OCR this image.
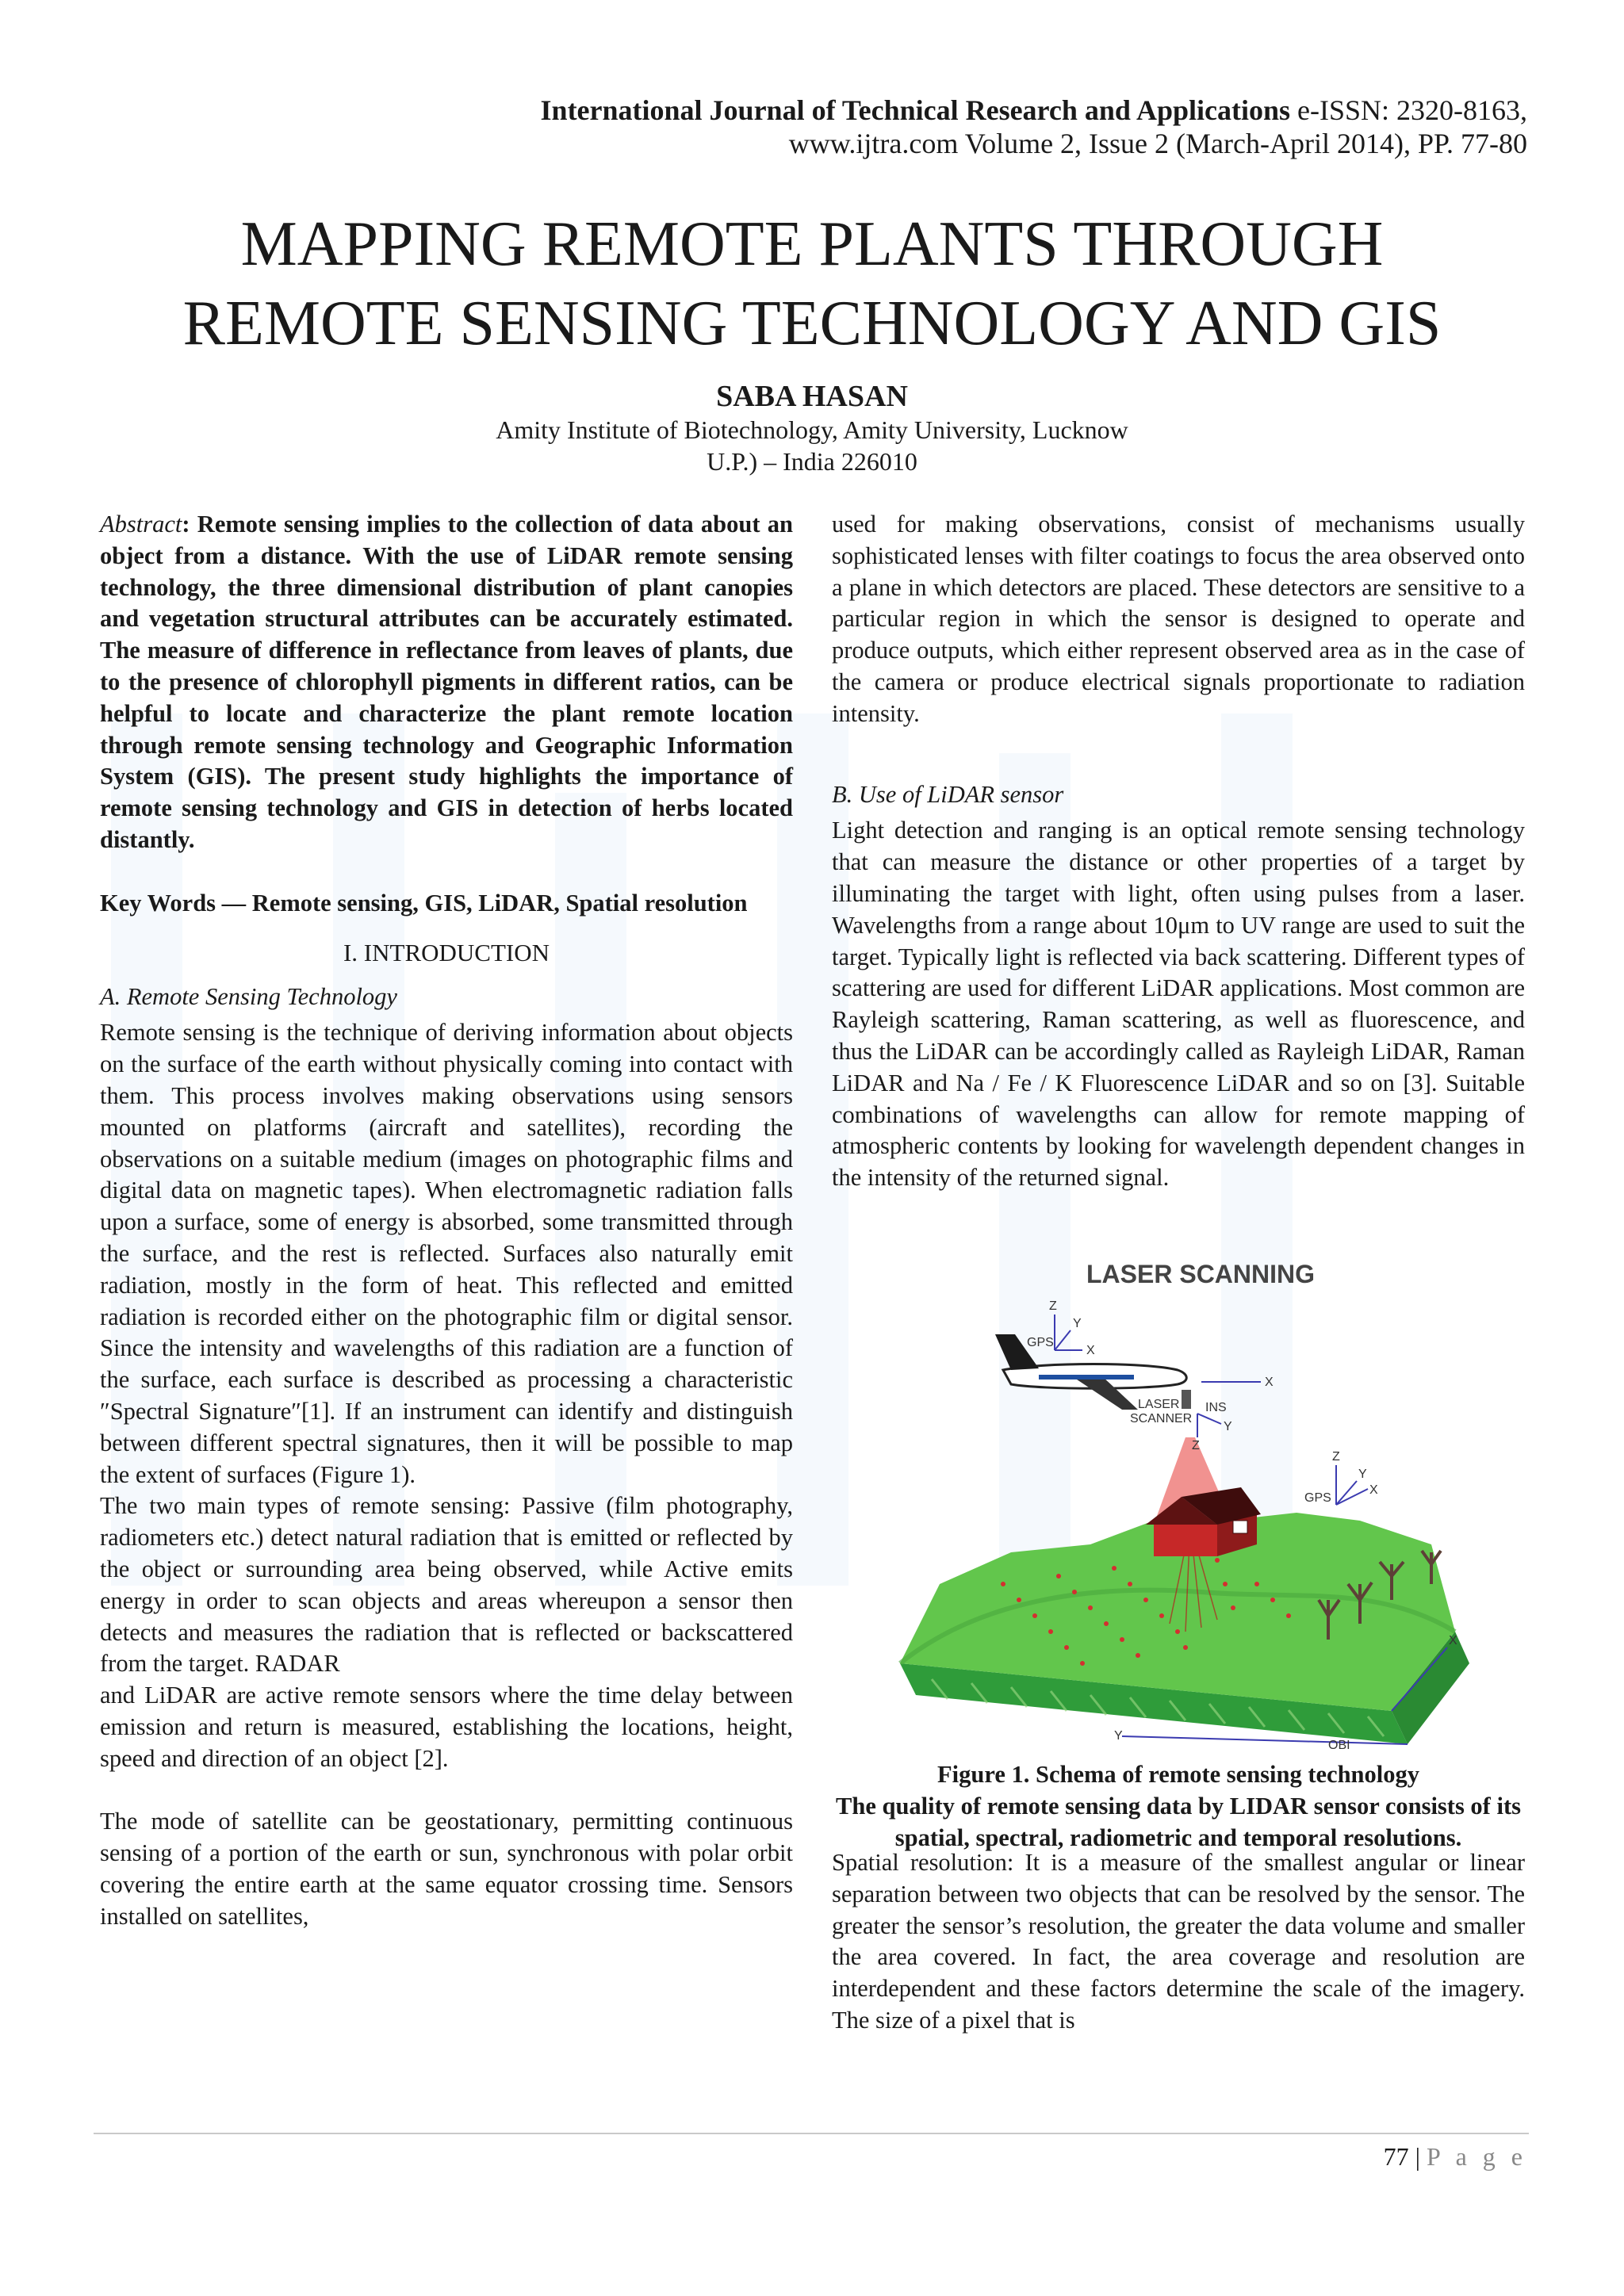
International Journal of Technical Research and Applications e-ISSN: 2320-8163,
www.ijtra.com Volume 2, Issue 2 (March-April 2014), PP. 77-80
MAPPING REMOTE PLANTS THROUGH
REMOTE SENSING TECHNOLOGY AND GIS
SABA HASAN
Amity Institute of Biotechnology, Amity University, Lucknow
U.P.) – India 226010

Abstract: Remote sensing implies to the collection of data about an object from a distance. With the use of LiDAR remote sensing technology, the three dimensional distribution of plant canopies and vegetation structural attributes can be accurately estimated. The measure of difference in reflectance from leaves of plants, due to the presence of chlorophyll pigments in different ratios, can be helpful to locate and characterize the plant remote location through remote sensing technology and Geographic Information System (GIS). The present study highlights the importance of remote sensing technology and GIS in detection of herbs located distantly.

Key Words — Remote sensing, GIS, LiDAR, Spatial resolution

I. INTRODUCTION

A. Remote Sensing Technology

Remote sensing is the technique of deriving information about objects on the surface of the earth without physically coming into contact with them. This process involves making observations using sensors mounted on platforms (aircraft and satellites), recording the observations on a suitable medium (images on photographic films and digital data on magnetic tapes). When electromagnetic radiation falls upon a surface, some of energy is absorbed, some transmitted through the surface, and the rest is reflected. Surfaces also naturally emit radiation, mostly in the form of heat. This reflected and emitted radiation is recorded either on the photographic film or digital sensor. Since the intensity and wavelengths of this radiation are a function of the surface, each surface is described as processing a characteristic ″Spectral Signature″[1]. If an instrument can identify and distinguish between different spectral signatures, then it will be possible to map the extent of surfaces (Figure 1).

The two main types of remote sensing: Passive (film photography, radiometers etc.) detect natural radiation that is emitted or reflected by the object or surrounding area being observed, while Active emits energy in order to scan objects and areas whereupon a sensor then detects and measures the radiation that is reflected or backscattered from the target. RADAR

and LiDAR are active remote sensors where the time delay between emission and return is measured, establishing the locations, height, speed and direction of an object [2].

The mode of satellite can be geostationary, permitting continuous sensing of a portion of the earth or sun, synchronous with polar orbit covering the entire earth at the same equator crossing time. Sensors installed on satellites,

used for making observations, consist of mechanisms usually sophisticated lenses with filter coatings to focus the area observed onto a plane in which detectors are placed. These detectors are sensitive to a particular region in which the sensor is designed to operate and produce outputs, which either represent observed area as in the case of the camera or produce electrical signals proportionate to radiation intensity.

B. Use of LiDAR sensor

Light detection and ranging is an optical remote sensing technology that can measure the distance or other properties of a target by illuminating the target with light, often using pulses from a laser. Wavelengths from a range about 10μm to UV range are used to suit the target. Typically light is reflected via back scattering. Different types of scattering are used for different LiDAR applications. Most common are Rayleigh scattering, Raman scattering, as well as fluorescence, and thus the LiDAR can be accordingly called as Rayleigh LiDAR, Raman LiDAR and Na / Fe / K Fluorescence LiDAR and so on [3]. Suitable combinations of wavelengths can allow for remote mapping of atmospheric contents by looking for wavelength dependent changes in the intensity of the returned signal.

LASER SCANNING
Z
GPS
X
Y
LASER
SCANNER
INS
X
Y
Z
GPS
Z
X
Y
X
Y
OBI
Figure 1. Schema of remote sensing technology
The quality of remote sensing data by LIDAR sensor consists of its spatial, spectral, radiometric and temporal resolutions.

Spatial resolution: It is a measure of the smallest angular or linear separation between two objects that can be resolved by the sensor. The greater the sensor’s resolution, the greater the data volume and smaller the area covered. In fact, the area coverage and resolution are interdependent and these factors determine the scale of the imagery. The size of a pixel that is

77 | P a g e
